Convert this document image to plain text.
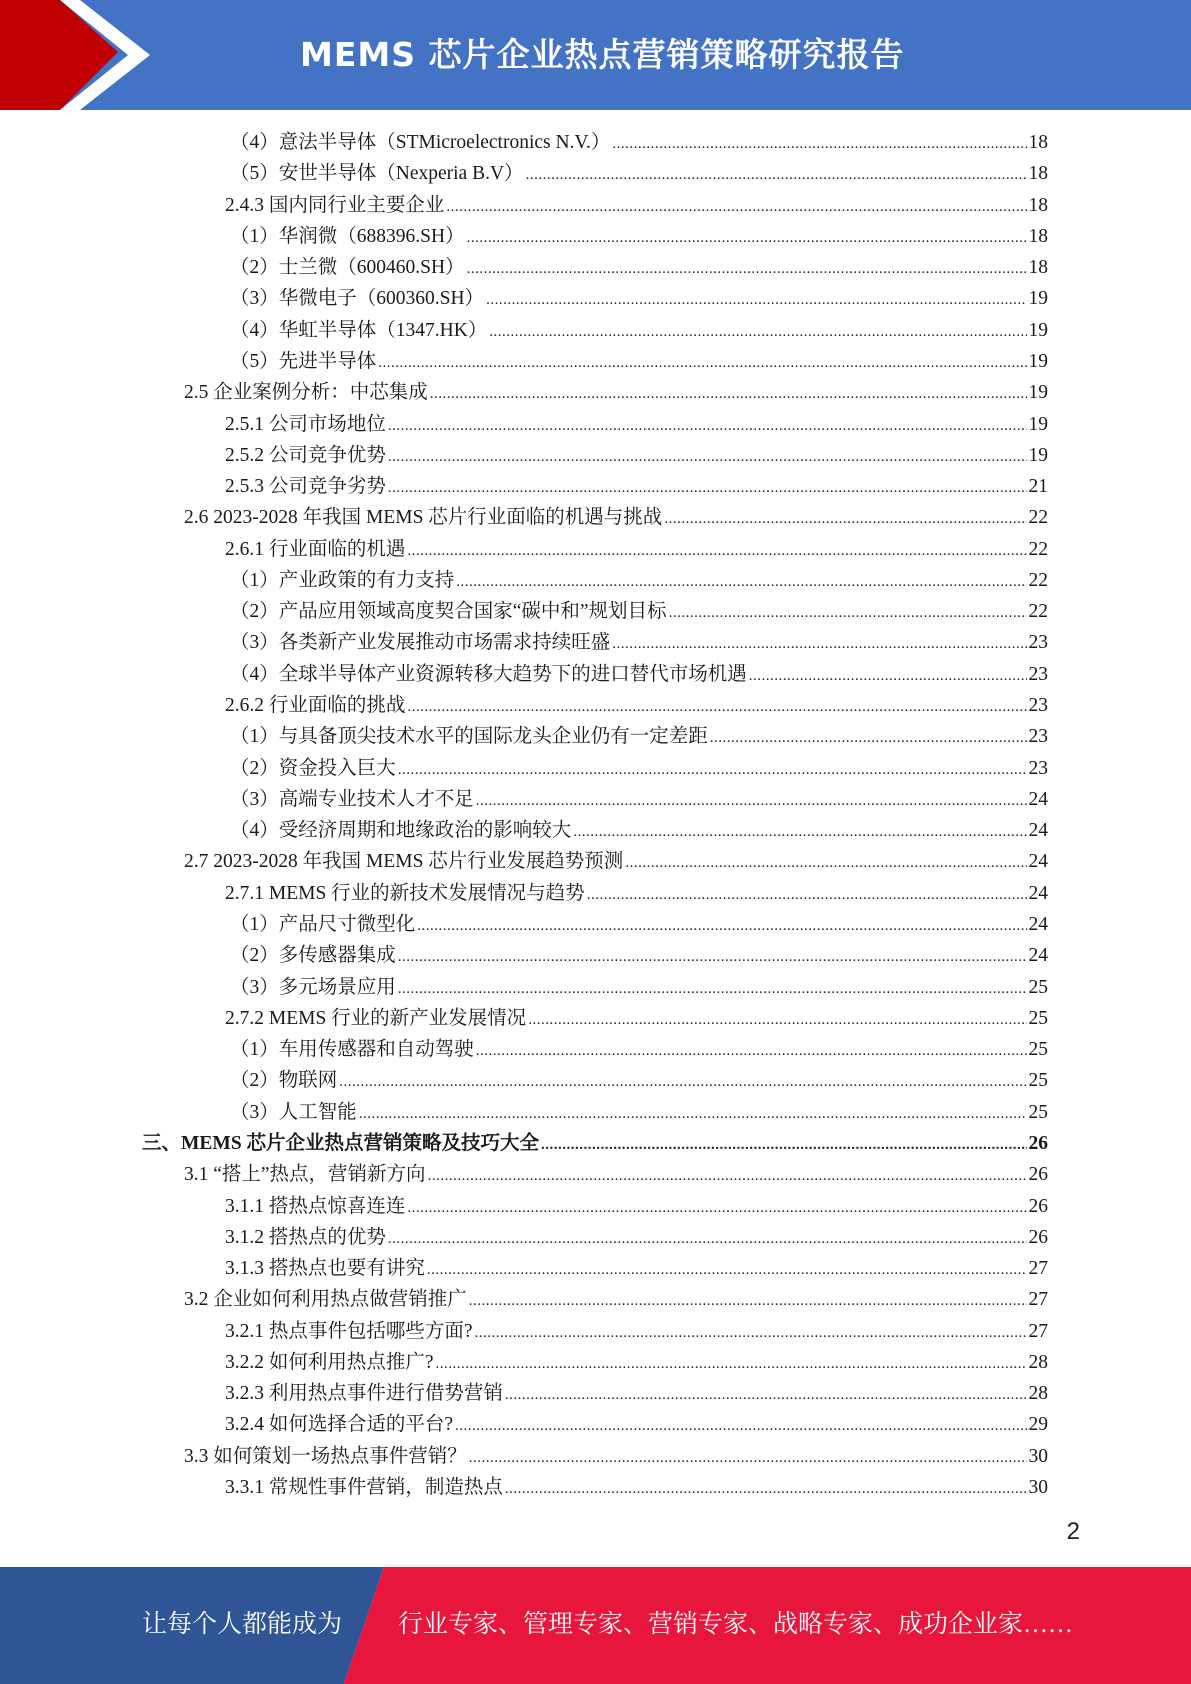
MEMS 芯片企业热点营销策略研究报告
（4）意法半导体（STMicroelectronics N.V.） .....	18
（5）安世半导体（Nexperia B.V） .....	18
2.4.3 国内同行业主要企业 .....	18
（1）华润微（688396.SH） .....	18
（2）士兰微（600460.SH） .....	18
（3）华微电子（600360.SH） .....	19
（4）华虹半导体（1347.HK） .....	19
（5）先进半导体 .....	19
2.5 企业案例分析：中芯集成 .....	19
2.5.1 公司市场地位 .....	19
2.5.2 公司竞争优势 .....	19
2.5.3 公司竞争劣势 .....	21
2.6 2023-2028 年我国 MEMS 芯片行业面临的机遇与挑战 .....	22
2.6.1 行业面临的机遇 .....	22
（1）产业政策的有力支持 .....	22
（2）产品应用领域高度契合国家“碳中和”规划目标 .....	22
（3）各类新产业发展推动市场需求持续旺盛 .....	23
（4）全球半导体产业资源转移大趋势下的进口替代市场机遇 .....	23
2.6.2 行业面临的挑战 .....	23
（1）与具备顶尖技术水平的国际龙头企业仍有一定差距 .....	23
（2）资金投入巨大 .....	23
（3）高端专业技术人才不足 .....	24
（4）受经济周期和地缘政治的影响较大 .....	24
2.7 2023-2028 年我国 MEMS 芯片行业发展趋势预测 .....	24
2.7.1 MEMS 行业的新技术发展情况与趋势 .....	24
（1）产品尺寸微型化 .....	24
（2）多传感器集成 .....	24
（3）多元场景应用 .....	25
2.7.2 MEMS 行业的新产业发展情况 .....	25
（1）车用传感器和自动驾驶 .....	25
（2）物联网 .....	25
（3）人工智能 .....	25
三、MEMS 芯片企业热点营销策略及技巧大全 .....	26
3.1 “搭上”热点，营销新方向 .....	26
3.1.1 搭热点惊喜连连 .....	26
3.1.2 搭热点的优势 .....	26
3.1.3 搭热点也要有讲究 .....	27
3.2 企业如何利用热点做营销推广 .....	27
3.2.1 热点事件包括哪些方面? .....	27
3.2.2 如何利用热点推广? .....	28
3.2.3 利用热点事件进行借势营销 .....	28
3.2.4 如何选择合适的平台? .....	29
3.3 如何策划一场热点事件营销？ .....	30
3.3.1 常规性事件营销，制造热点 .....	30
2
让每个人都能成为 行业专家、管理专家、营销专家、战略专家、成功企业家……
